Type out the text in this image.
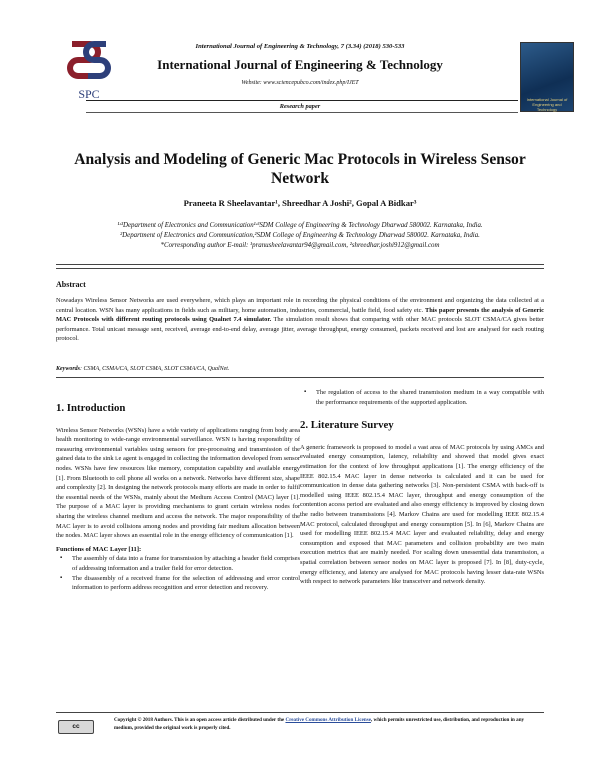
SPC
International Journal of Engineering & Technology, 7 (3.34) (2018) 530-533
International Journal of Engineering & Technology
Website: www.sciencepubco.com/index.php/IJET
Research paper
International Journal of Engineering and Technology
Analysis and Modeling of Generic Mac Protocols in Wireless Sensor Network
Praneeta R Sheelavantar¹, Shreedhar A Joshi², Gopal A Bidkar³
¹ʴ³Department of Electronics and Communication¹ʴ³SDM College of Engineering & Technology Dharwad 580002. Karnataka, India.
²Department of Electronics and Communication,²SDM College of Engineering & Technology Dharwad 580002. Karnataka, India.
*Corresponding author E-mail: ¹pranusheelavantar94@gmail.com, ²shreedhar.joshi912@gmail.com
Abstract
Nowadays Wireless Sensor Networks are used everywhere, which plays an important role in recording the physical conditions of the environment and organizing the data collected at a central location. WSN has many applications in fields such as military, home automation, industries, commercial, battle field, food safety etc. This paper presents the analysis of Generic MAC Protocols with different routing protocols using Qualnet 7.4 simulator. The simulation result shows that comparing with other MAC protocols SLOT CSMA/CA gives better performance. Total unicast message sent, received, average end-to-end delay, average jitter, average throughput, energy consumed, packets received and lost are analysed for each routing protocol.
Keywords: CSMA, CSMA/CA, SLOT CSMA, SLOT CSMA/CA, QualNet.
1. Introduction

Wireless Sensor Networks (WSNs) have a wide variety of applications ranging from body area health monitoring to wide-range environmental surveillance. WSN is having responsibility of measuring environmental variables using sensors for pre-processing and transmission of the gained data to the sink i.e agent is engaged in collecting the information developed from sensor nodes. WSNs have few resources like memory, computation capability and available energy [1]. From Bluetooth to cell phone all works on a network. Networks have different size, shape and complexity [2]. In designing the network protocols many efforts are made in order to fulfil the essential needs of the WSNs, mainly about the Medium Access Control (MAC) layer [1]. The purpose of a MAC layer is providing mechanisms to grant certain wireless nodes for sharing the wireless channel medium and access the network. The major responsibility of the MAC layer is to avoid collisions among nodes and providing fair medium allocation between the nodes. MAC layer shows an essential role in the energy efficiency of communication [1].

Functions of MAC Layer [11]:
▪ The assembly of data into a frame for transmission by attaching a header field comprises of addressing information and a trailer field for error detection.
▪ The disassembly of a received frame for the selection of addressing and error control information to perform address recognition and error detection and recovery.
▪ The regulation of access to the shared transmission medium in a way compatible with the performance requirements of the supported application.
2. Literature Survey

A generic framework is proposed to model a vast area of MAC protocols by using AMCs and evaluated energy consumption, latency, reliability and showed that model gives exact estimation for the context of low throughput applications [1]. The energy efficiency of the IEEE 802.15.4 MAC layer in dense networks is calculated and it can be used for communication in dense data gathering networks [3]. Non-persistent CSMA with back-off is modelled using IEEE 802.15.4 MAC layer, throughput and energy consumption of the contention access period are evaluated and also energy efficiency is improved by closing down the radio between transmissions [4]. Markov Chains are used for modelling IEEE 802.15.4 MAC protocol, calculated throughput and energy consumption [5]. In [6], Markov Chains are used for modelling IEEE 802.15.4 MAC layer and evaluated reliability, delay and energy consumption and exposed that MAC parameters and collision probability are two main execution metrics that are mainly needed. For scaling down unessential data transmission, a spatial correlation between sensor nodes on MAC layer is proposed [7]. In [8], duty-cycle, energy efficiency, and latency are analysed for MAC protocols having lesser data-rate WSNs with respect to network parameters like transceiver and network density.

cc
Copyright © 2018 Authors. This is an open access article distributed under the Creative Commons Attribution License, which permits unrestricted use, distribution, and reproduction in any medium, provided the original work is properly cited.
